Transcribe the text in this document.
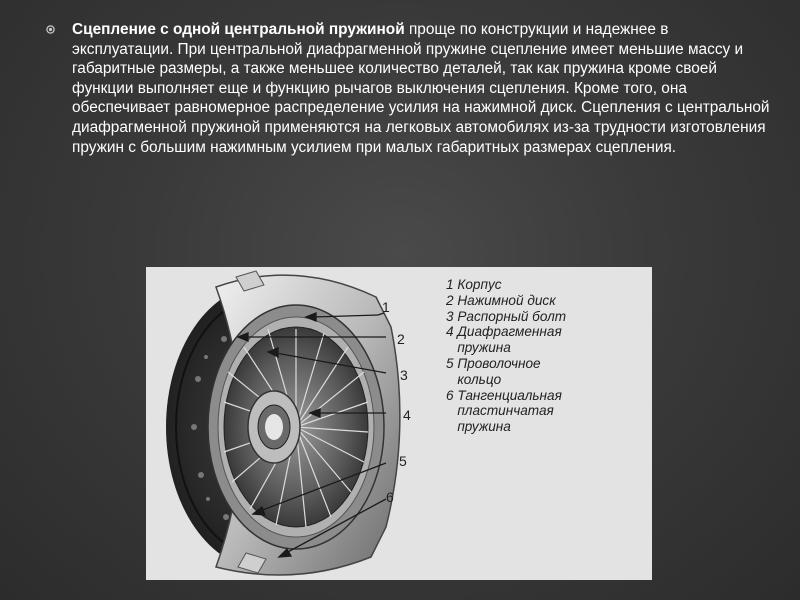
Сцепление с одной центральной пружиной проще по конструкции и надежнее в эксплуатации. При центральной диафрагменной пружине сцепление имеет меньшие массу и габаритные размеры, а также меньшее количество деталей, так как пружина кроме своей функции выполняет еще и функцию рычагов выключения сцепления. Кроме того, она обеспечивает равномерное распределение усилия на нажимной диск. Сцепления с центральной диафрагменной пружиной применяются на легковых автомобилях из-за трудности изготовления пружин с большим нажимным усилием при малых габаритных размерах сцепления.

1
2
3
4
5
6
1 Корпус
2 Нажимной диск
3 Распорный болт
4 Диафрагменная
пружина
5 Проволочное
кольцо
6 Тангенциальная
пластинчатая
пружина
